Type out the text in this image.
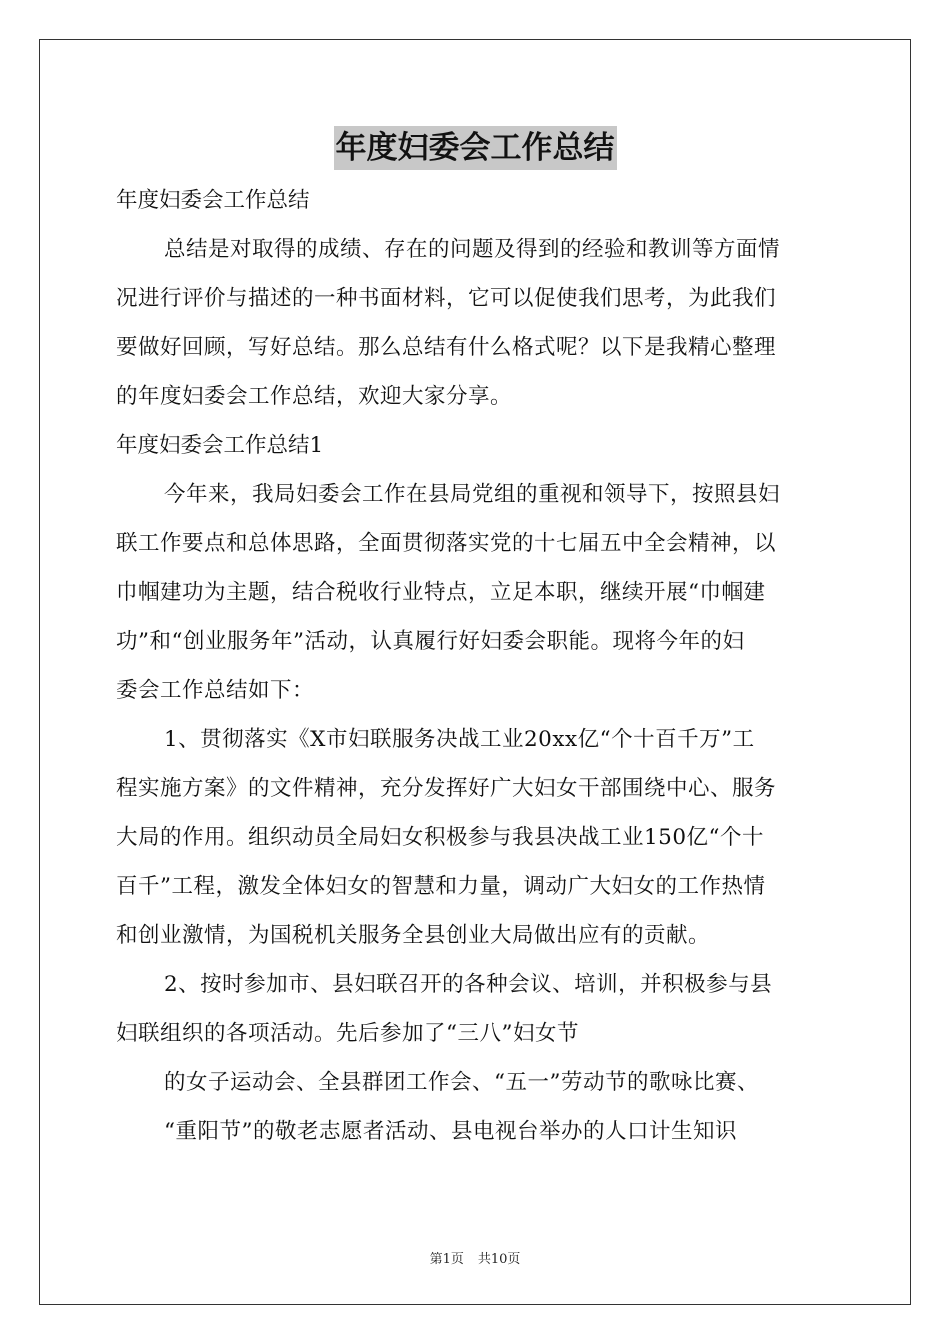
年度妇委会工作总结
年度妇委会工作总结
总结是对取得的成绩、存在的问题及得到的经验和教训等方面情
况进行评价与描述的一种书面材料，它可以促使我们思考，为此我们
要做好回顾，写好总结。那么总结有什么格式呢？以下是我精心整理
的年度妇委会工作总结，欢迎大家分享。
年度妇委会工作总结1
今年来，我局妇委会工作在县局党组的重视和领导下，按照县妇
联工作要点和总体思路，全面贯彻落实党的十七届五中全会精神，以
巾帼建功为主题，结合税收行业特点，立足本职，继续开展“巾帼建
功”和“创业服务年”活动，认真履行好妇委会职能。现将今年的妇
委会工作总结如下：
1、贯彻落实《X市妇联服务决战工业20xx亿“个十百千万”工
程实施方案》的文件精神，充分发挥好广大妇女干部围绕中心、服务
大局的作用。组织动员全局妇女积极参与我县决战工业150亿“个十
百千”工程，激发全体妇女的智慧和力量，调动广大妇女的工作热情
和创业激情，为国税机关服务全县创业大局做出应有的贡献。
2、按时参加市、县妇联召开的各种会议、培训，并积极参与县
妇联组织的各项活动。先后参加了“三八”妇女节
的女子运动会、全县群团工作会、“五一”劳动节的歌咏比赛、
“重阳节”的敬老志愿者活动、县电视台举办的人口计生知识
第1页 共10页
